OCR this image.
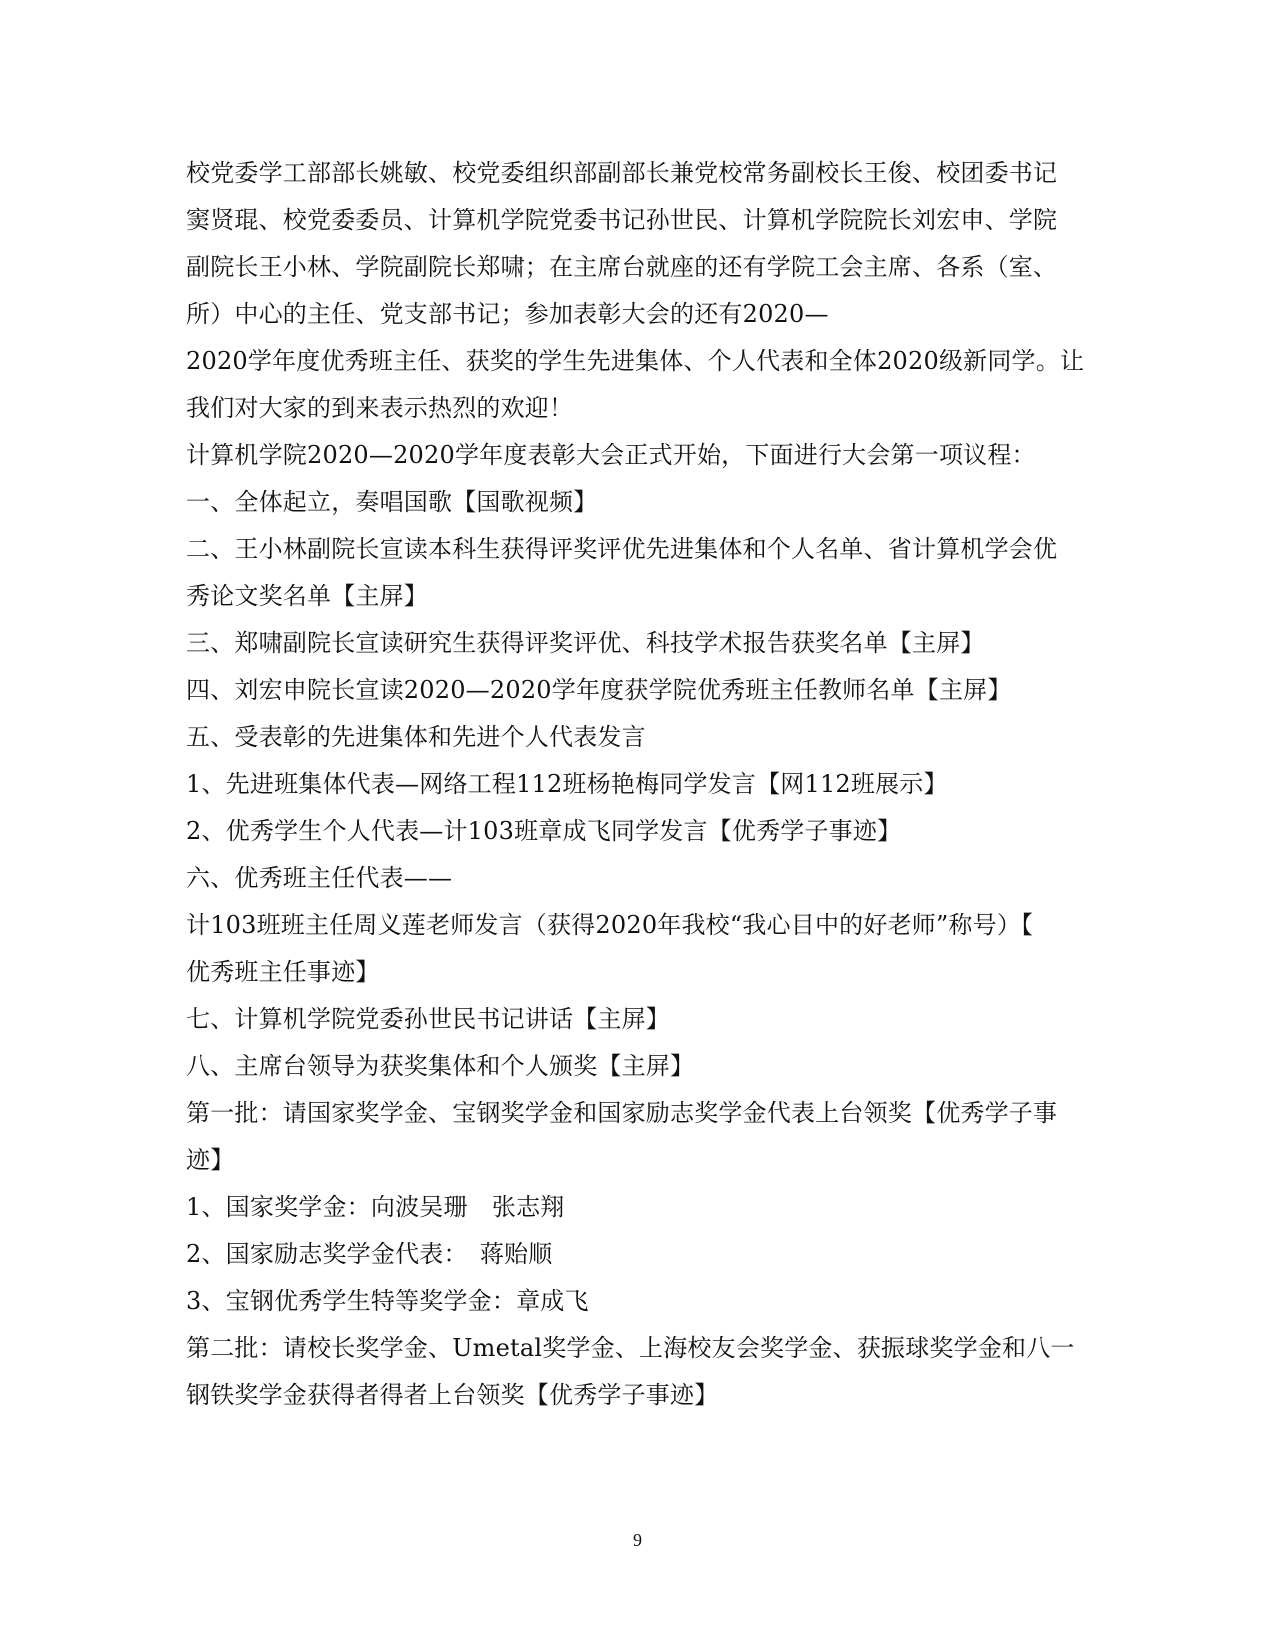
校党委学工部部长姚敏、校党委组织部副部长兼党校常务副校长王俊、校团委书记
窦贤琨、校党委委员、计算机学院党委书记孙世民、计算机学院院长刘宏申、学院
副院长王小林、学院副院长郑啸；在主席台就座的还有学院工会主席、各系（室、
所）中心的主任、党支部书记；参加表彰大会的还有2020—
2020学年度优秀班主任、获奖的学生先进集体、个人代表和全体2020级新同学。让
我们对大家的到来表示热烈的欢迎！
计算机学院2020—2020学年度表彰大会正式开始，下面进行大会第一项议程：
一、全体起立，奏唱国歌【国歌视频】
二、王小林副院长宣读本科生获得评奖评优先进集体和个人名单、省计算机学会优
秀论文奖名单【主屏】
三、郑啸副院长宣读研究生获得评奖评优、科技学术报告获奖名单【主屏】
四、刘宏申院长宣读2020—2020学年度获学院优秀班主任教师名单【主屏】
五、受表彰的先进集体和先进个人代表发言
1、先进班集体代表—网络工程112班杨艳梅同学发言【网112班展示】
2、优秀学生个人代表—计103班章成飞同学发言【优秀学子事迹】
六、优秀班主任代表——
计103班班主任周义莲老师发言（获得2020年我校“我心目中的好老师”称号）【
优秀班主任事迹】
七、计算机学院党委孙世民书记讲话【主屏】
八、主席台领导为获奖集体和个人颁奖【主屏】
第一批：请国家奖学金、宝钢奖学金和国家励志奖学金代表上台领奖【优秀学子事
迹】
1、国家奖学金：向波吴珊　张志翔
2、国家励志奖学金代表：　蒋贻顺
3、宝钢优秀学生特等奖学金：章成飞
第二批：请校长奖学金、Umetal奖学金、上海校友会奖学金、获振球奖学金和八一
钢铁奖学金获得者得者上台领奖【优秀学子事迹】
9
